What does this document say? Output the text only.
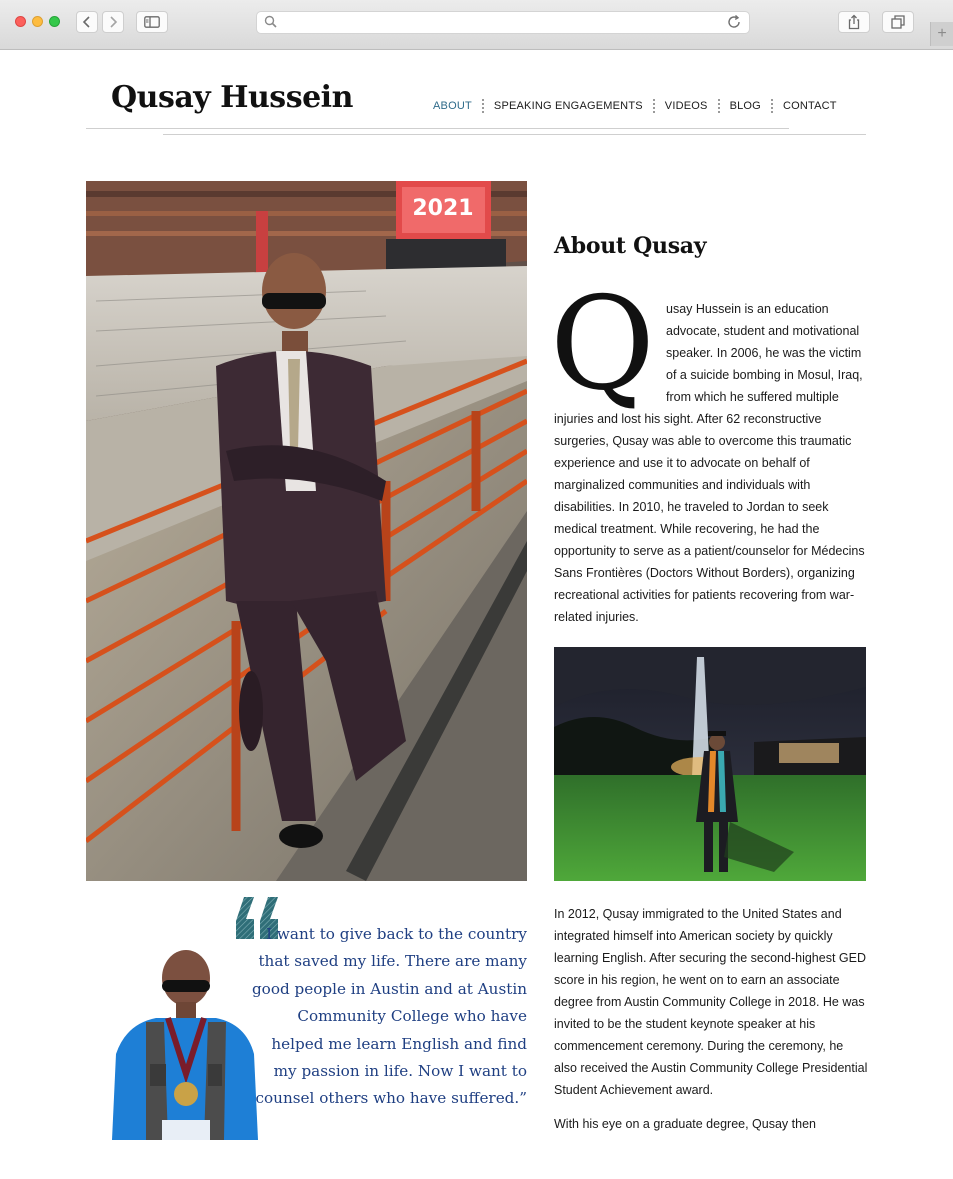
+
Qusay Hussein	ABOUT SPEAKING ENGAGEMENTS VIDEOS BLOG CONTACT
2021
About Qusay
Q usay Hussein is an education advocate, student and motivational speaker. In 2006, he was the victim of a suicide bombing in Mosul, Iraq, from which he suffered multiple injuries and lost his sight. After 62 reconstructive surgeries, Qusay was able to overcome this traumatic experience and use it to advocate on behalf of marginalized communities and individuals with disabilities. In 2010, he traveled to Jordan to seek medical treatment. While recovering, he had the opportunity to serve as a patient/counselor for Médecins Sans Frontières (Doctors Without Borders), organizing recreational activities for patients recovering from war-related injuries.
I want to give back to the country that saved my life. There are many good people in Austin and at Austin Community College who have helped me learn English and find my passion in life. Now I want to counsel others who have suffered.”

In 2012, Qusay immigrated to the United States and integrated himself into American society by quickly learning English. After securing the second-highest GED score in his region, he went on to earn an associate degree from Austin Community College in 2018. He was invited to be the student keynote speaker at his commencement ceremony. During the ceremony, he also received the Austin Community College Presidential Student Achievement award.

With his eye on a graduate degree, Qusay then
